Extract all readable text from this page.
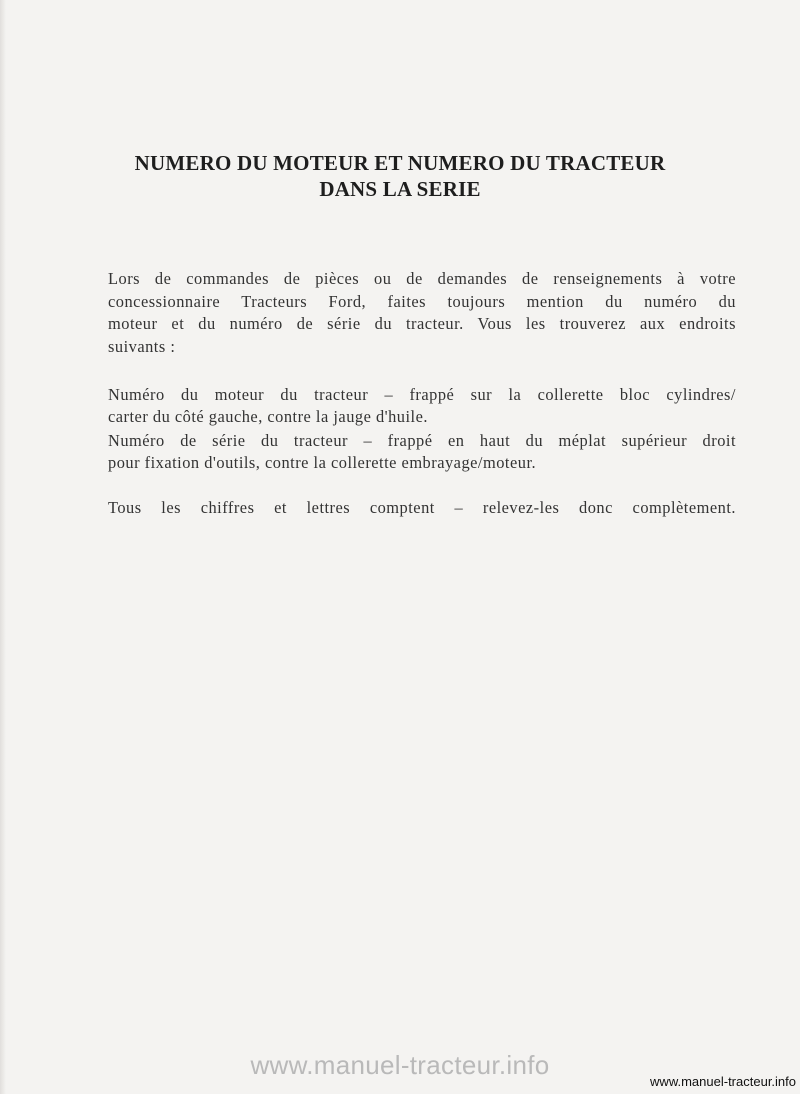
NUMERO DU MOTEUR ET NUMERO DU TRACTEUR
DANS LA SERIE
Lors de commandes de pièces ou de demandes de renseignements à votre
concessionnaire Tracteurs Ford, faites toujours mention du numéro du
moteur et du numéro de série du tracteur. Vous les trouverez aux endroits
suivants :
Numéro du moteur du tracteur – frappé sur la collerette bloc cylindres/
carter du côté gauche, contre la jauge d'huile.
Numéro de série du tracteur – frappé en haut du méplat supérieur droit
pour fixation d'outils, contre la collerette embrayage/moteur.
Tous les chiffres et lettres comptent – relevez-les donc complètement.
www.manuel-tracteur.info
www.manuel-tracteur.info
